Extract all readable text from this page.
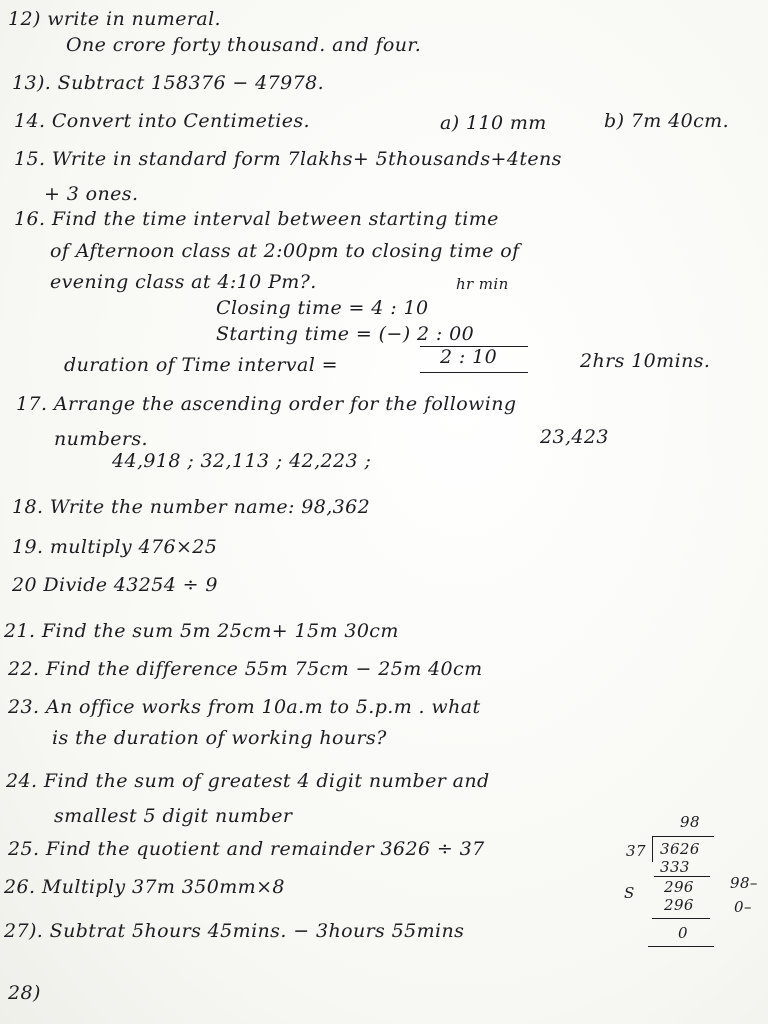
12) write in numeral.
One crore forty thousand. and four.
13). Subtract 158376 − 47978.
14. Convert into Centimeties.	a) 110 mm	b) 7m 40cm.
15. Write in standard form 7lakhs+ 5thousands+4tens
+ 3 ones.
16. Find the time interval between starting time
of Afternoon class at 2:00pm to closing time of
evening class at 4:10 Pm?.	hr min
Closing time = 4 : 10
Starting time = (−) 2 : 00
duration of Time interval =	2 : 10	2hrs 10mins.
17. Arrange the ascending order for the following
numbers.	23,423
44,918 ; 32,113 ; 42,223 ;
18. Write the number name: 98,362
19. multiply 476×25
20 Divide 43254 ÷ 9
21. Find the sum 5m 25cm+ 15m 30cm
22. Find the difference 55m 75cm − 25m 40cm
23. An office works from 10a.m to 5.p.m . what
is the duration of working hours?
24. Find the sum of greatest 4 digit number and
smallest 5 digit number
25. Find the quotient and remainder 3626 ÷ 37
98
37 3626
333
296
296
S
98–
0–
0
26. Multiply 37m 350mm×8
27). Subtrat 5hours 45mins. − 3hours 55mins
28)
